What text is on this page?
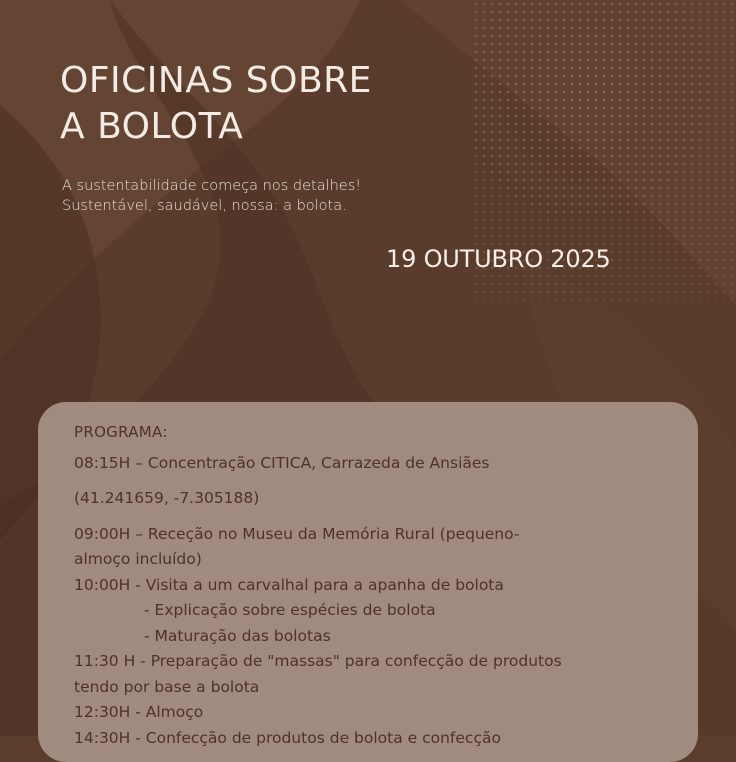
OFICINAS SOBRE
A BOLOTA
A sustentabilidade começa nos detalhes!
Sustentável, saudável, nossa: a bolota.
19 OUTUBRO 2025
PROGRAMA:
08:15H – Concentração CITICA, Carrazeda de Ansiães
(41.241659, -7.305188)
09:00H – Receção no Museu da Memória Rural (pequeno-
almoço incluído)
10:00H - Visita a um carvalhal para a apanha de bolota
- Explicação sobre espécies de bolota
- Maturação das bolotas
11:30 H - Preparação de "massas" para confecção de produtos
tendo por base a bolota
12:30H - Almoço
14:30H - Confecção de produtos de bolota e confecção
